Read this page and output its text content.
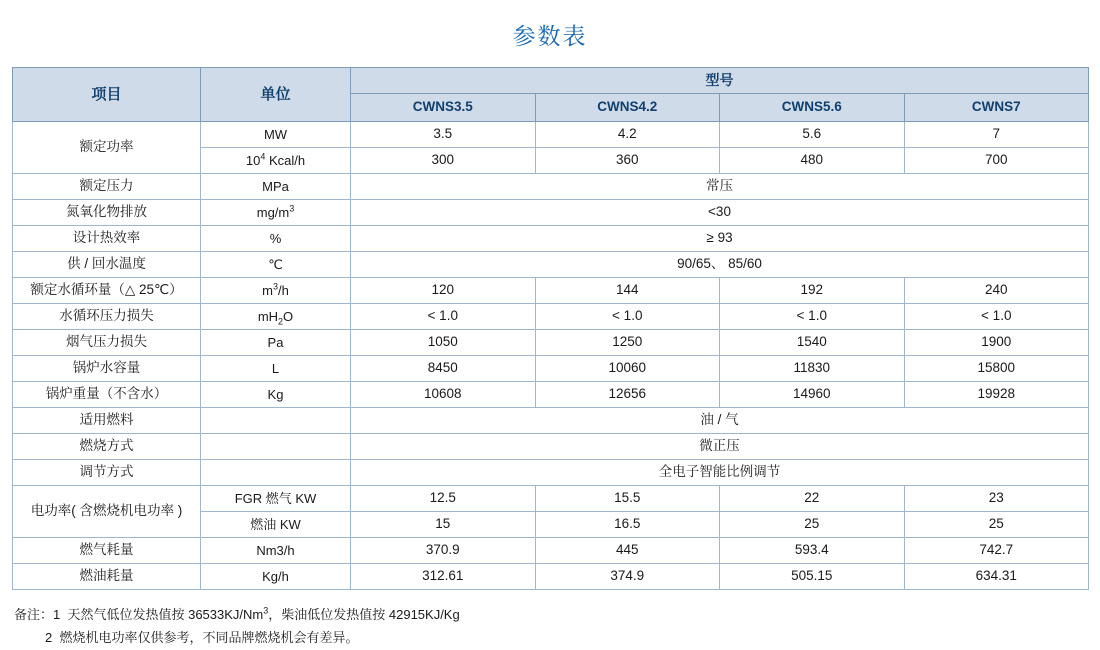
参数表
项目	单位	型号			
		CWNS3.5	CWNS4.2	CWNS5.6	CWNS7
额定功率	MW	3.5	4.2	5.6	7
	$10^4$ Kcal/h	300	360	480	700
额定压力	MPa	常压			
氮氧化物排放	$mg/m^3$	<30			
设计热效率	%	≥ 93			
供 / 回水温度	℃	90/65、 85/60			
额定水循环量（△ 25℃）	$m^3/h$	120	144	192	240
水循环压力损失	$mH_2O$	< 1.0	< 1.0	< 1.0	< 1.0
烟气压力损失	Pa	1050	1250	1540	1900
锅炉水容量	L	8450	10060	11830	15800
锅炉重量（不含水）	Kg	10608	12656	14960	19928
适用燃料		油 / 气			
燃烧方式		微正压			
调节方式		全电子智能比例调节			
电功率( 含燃烧机电功率 )	FGR 燃气 KW	12.5	15.5	22	23
	燃油 KW	15	16.5	25	25
燃气耗量	Nm3/h	370.9	445	593.4	742.7
燃油耗量	Kg/h	312.61	374.9	505.15	634.31
备注：1 天然气低位发热值按 36533KJ/Nm$^3$，柴油低位发热值按 42915KJ/Kg
2 燃烧机电功率仅供参考，不同品牌燃烧机会有差异。
